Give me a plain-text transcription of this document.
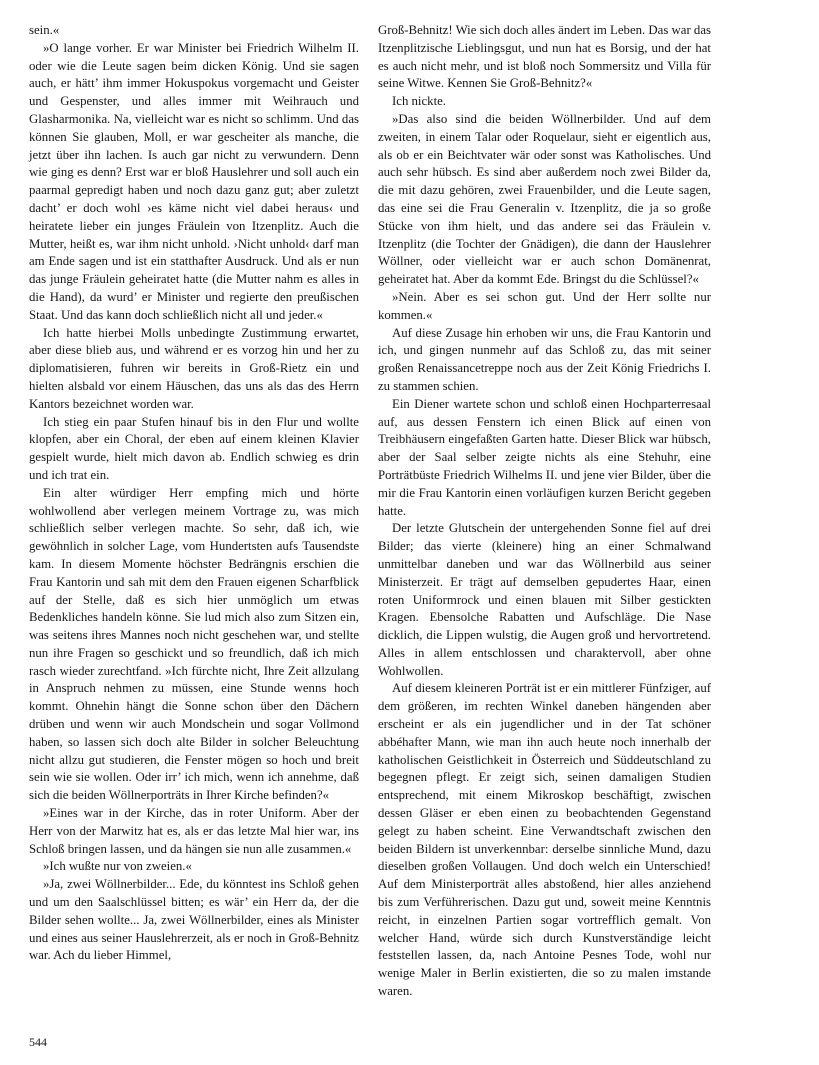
sein.«

»O lange vorher. Er war Minister bei Friedrich Wilhelm II. oder wie die Leute sagen beim dicken König. Und sie sagen auch, er hätt’ ihm immer Hokuspokus vorgemacht und Geister und Gespenster, und alles immer mit Weihrauch und Glasharmonika. Na, vielleicht war es nicht so schlimm. Und das können Sie glauben, Moll, er war gescheiter als manche, die jetzt über ihn lachen. Is auch gar nicht zu verwundern. Denn wie ging es denn? Erst war er bloß Hauslehrer und soll auch ein paarmal gepredigt haben und noch dazu ganz gut; aber zuletzt dacht’ er doch wohl ›es käme nicht viel dabei heraus‹ und heiratete lieber ein junges Fräulein von Itzenplitz. Auch die Mutter, heißt es, war ihm nicht unhold. ›Nicht unhold‹ darf man am Ende sagen und ist ein statthafter Ausdruck. Und als er nun das junge Fräulein geheiratet hatte (die Mutter nahm es alles in die Hand), da wurd’ er Minister und regierte den preußischen Staat. Und das kann doch schließlich nicht all und jeder.«

Ich hatte hierbei Molls unbedingte Zustimmung erwartet, aber diese blieb aus, und während er es vorzog hin und her zu diplomatisieren, fuhren wir bereits in Groß-Rietz ein und hielten alsbald vor einem Häuschen, das uns als das des Herrn Kantors bezeichnet worden war.

Ich stieg ein paar Stufen hinauf bis in den Flur und wollte klopfen, aber ein Choral, der eben auf einem kleinen Klavier gespielt wurde, hielt mich davon ab. Endlich schwieg es drin und ich trat ein.

Ein alter würdiger Herr empfing mich und hörte wohlwollend aber verlegen meinem Vortrage zu, was mich schließlich selber verlegen machte. So sehr, daß ich, wie gewöhnlich in solcher Lage, vom Hundertsten aufs Tausendste kam. In diesem Momente höchster Bedrängnis erschien die Frau Kantorin und sah mit dem den Frauen eigenen Scharfblick auf der Stelle, daß es sich hier unmöglich um etwas Bedenkliches handeln könne. Sie lud mich also zum Sitzen ein, was seitens ihres Mannes noch nicht geschehen war, und stellte nun ihre Fragen so geschickt und so freundlich, daß ich mich rasch wieder zurechtfand. »Ich fürchte nicht, Ihre Zeit allzulang in Anspruch nehmen zu müssen, eine Stunde wenns hoch kommt. Ohnehin hängt die Sonne schon über den Dächern drüben und wenn wir auch Mondschein und sogar Vollmond haben, so lassen sich doch alte Bilder in solcher Beleuchtung nicht allzu gut studieren, die Fenster mögen so hoch und breit sein wie sie wollen. Oder irr’ ich mich, wenn ich annehme, daß sich die beiden Wöllnerporträts in Ihrer Kirche befinden?«

»Eines war in der Kirche, das in roter Uniform. Aber der Herr von der Marwitz hat es, als er das letzte Mal hier war, ins Schloß bringen lassen, und da hängen sie nun alle zusammen.«

»Ich wußte nur von zweien.«

»Ja, zwei Wöllnerbilder... Ede, du könntest ins Schloß gehen und um den Saalschlüssel bitten; es wär’ ein Herr da, der die Bilder sehen wollte... Ja, zwei Wöllnerbilder, eines als Minister und eines aus seiner Hauslehrerzeit, als er noch in Groß-Behnitz war. Ach du lieber Himmel,

Groß-Behnitz! Wie sich doch alles ändert im Leben. Das war das Itzenplitzische Lieblingsgut, und nun hat es Borsig, und der hat es auch nicht mehr, und ist bloß noch Sommersitz und Villa für seine Witwe. Kennen Sie Groß-Behnitz?«

Ich nickte.

»Das also sind die beiden Wöllnerbilder. Und auf dem zweiten, in einem Talar oder Roquelaur, sieht er eigentlich aus, als ob er ein Beichtvater wär oder sonst was Katholisches. Und auch sehr hübsch. Es sind aber außerdem noch zwei Bilder da, die mit dazu gehören, zwei Frauenbilder, und die Leute sagen, das eine sei die Frau Generalin v. Itzenplitz, die ja so große Stücke von ihm hielt, und das andere sei das Fräulein v. Itzenplitz (die Tochter der Gnädigen), die dann der Hauslehrer Wöllner, oder vielleicht war er auch schon Domänenrat, geheiratet hat. Aber da kommt Ede. Bringst du die Schlüssel?«

»Nein. Aber es sei schon gut. Und der Herr sollte nur kommen.«

Auf diese Zusage hin erhoben wir uns, die Frau Kantorin und ich, und gingen nunmehr auf das Schloß zu, das mit seiner großen Renaissancetreppe noch aus der Zeit König Friedrichs I. zu stammen schien.

Ein Diener wartete schon und schloß einen Hochparterresaal auf, aus dessen Fenstern ich einen Blick auf einen von Treibhäusern eingefaßten Garten hatte. Dieser Blick war hübsch, aber der Saal selber zeigte nichts als eine Stehuhr, eine Porträtbüste Friedrich Wilhelms II. und jene vier Bilder, über die mir die Frau Kantorin einen vorläufigen kurzen Bericht gegeben hatte.

Der letzte Glutschein der untergehenden Sonne fiel auf drei Bilder; das vierte (kleinere) hing an einer Schmalwand unmittelbar daneben und war das Wöllnerbild aus seiner Ministerzeit. Er trägt auf demselben gepudertes Haar, einen roten Uniformrock und einen blauen mit Silber gestickten Kragen. Ebensolche Rabatten und Aufschläge. Die Nase dicklich, die Lippen wulstig, die Augen groß und hervortretend. Alles in allem entschlossen und charaktervoll, aber ohne Wohlwollen.

Auf diesem kleineren Porträt ist er ein mittlerer Fünfziger, auf dem größeren, im rechten Winkel daneben hängenden aber erscheint er als ein jugendlicher und in der Tat schöner abbéhafter Mann, wie man ihn auch heute noch innerhalb der katholischen Geistlichkeit in Österreich und Süddeutschland zu begegnen pflegt. Er zeigt sich, seinen damaligen Studien entsprechend, mit einem Mikroskop beschäftigt, zwischen dessen Gläser er eben einen zu beobachtenden Gegenstand gelegt zu haben scheint. Eine Verwandtschaft zwischen den beiden Bildern ist unverkennbar: derselbe sinnliche Mund, dazu dieselben großen Vollaugen. Und doch welch ein Unterschied! Auf dem Ministerporträt alles abstoßend, hier alles anziehend bis zum Verführerischen. Dazu gut und, soweit meine Kenntnis reicht, in einzelnen Partien sogar vortrefflich gemalt. Von welcher Hand, würde sich durch Kunstverständige leicht feststellen lassen, da, nach Antoine Pesnes Tode, wohl nur wenige Maler in Berlin existierten, die so zu malen imstande waren.

544
